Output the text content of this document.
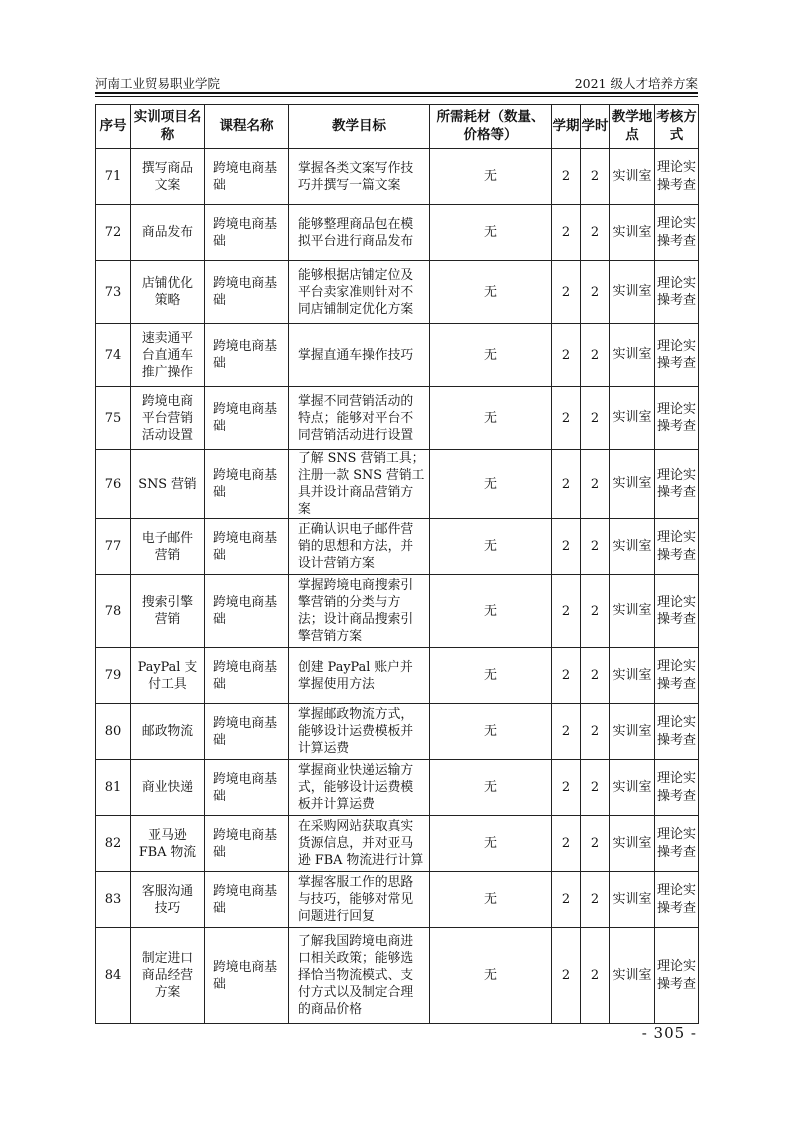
河南工业贸易职业学院	2021 级人才培养方案
序号	实训项目名称	课程名称	教学目标	所需耗材（数量、价格等）	学期	学时	教学地点	考核方式
71	撰写商品文案	跨境电商基础	掌握各类文案写作技巧并撰写一篇文案	无	2	2	实训室	理论实操考查
72	商品发布	跨境电商基础	能够整理商品包在模拟平台进行商品发布	无	2	2	实训室	理论实操考查
73	店铺优化策略	跨境电商基础	能够根据店铺定位及平台卖家准则针对不同店铺制定优化方案	无	2	2	实训室	理论实操考查
74	速卖通平台直通车推广操作	跨境电商基础	掌握直通车操作技巧	无	2	2	实训室	理论实操考查
75	跨境电商平台营销活动设置	跨境电商基础	掌握不同营销活动的特点；能够对平台不同营销活动进行设置	无	2	2	实训室	理论实操考查
76	SNS 营销	跨境电商基础	了解 SNS 营销工具；注册一款 SNS 营销工具并设计商品营销方案	无	2	2	实训室	理论实操考查
77	电子邮件营销	跨境电商基础	正确认识电子邮件营销的思想和方法，并设计营销方案	无	2	2	实训室	理论实操考查
78	搜索引擎营销	跨境电商基础	掌握跨境电商搜索引擎营销的分类与方法；设计商品搜索引擎营销方案	无	2	2	实训室	理论实操考查
79	PayPal 支付工具	跨境电商基础	创建 PayPal 账户并掌握使用方法	无	2	2	实训室	理论实操考查
80	邮政物流	跨境电商基础	掌握邮政物流方式，能够设计运费模板并计算运费	无	2	2	实训室	理论实操考查
81	商业快递	跨境电商基础	掌握商业快递运输方式，能够设计运费模板并计算运费	无	2	2	实训室	理论实操考查
82	亚马逊 FBA 物流	跨境电商基础	在采购网站获取真实货源信息，并对亚马逊 FBA 物流进行计算	无	2	2	实训室	理论实操考查
83	客服沟通技巧	跨境电商基础	掌握客服工作的思路与技巧，能够对常见问题进行回复	无	2	2	实训室	理论实操考查
84	制定进口商品经营方案	跨境电商基础	了解我国跨境电商进口相关政策；能够选择恰当物流模式、支付方式以及制定合理的商品价格	无	2	2	实训室	理论实操考查
- 305 -
